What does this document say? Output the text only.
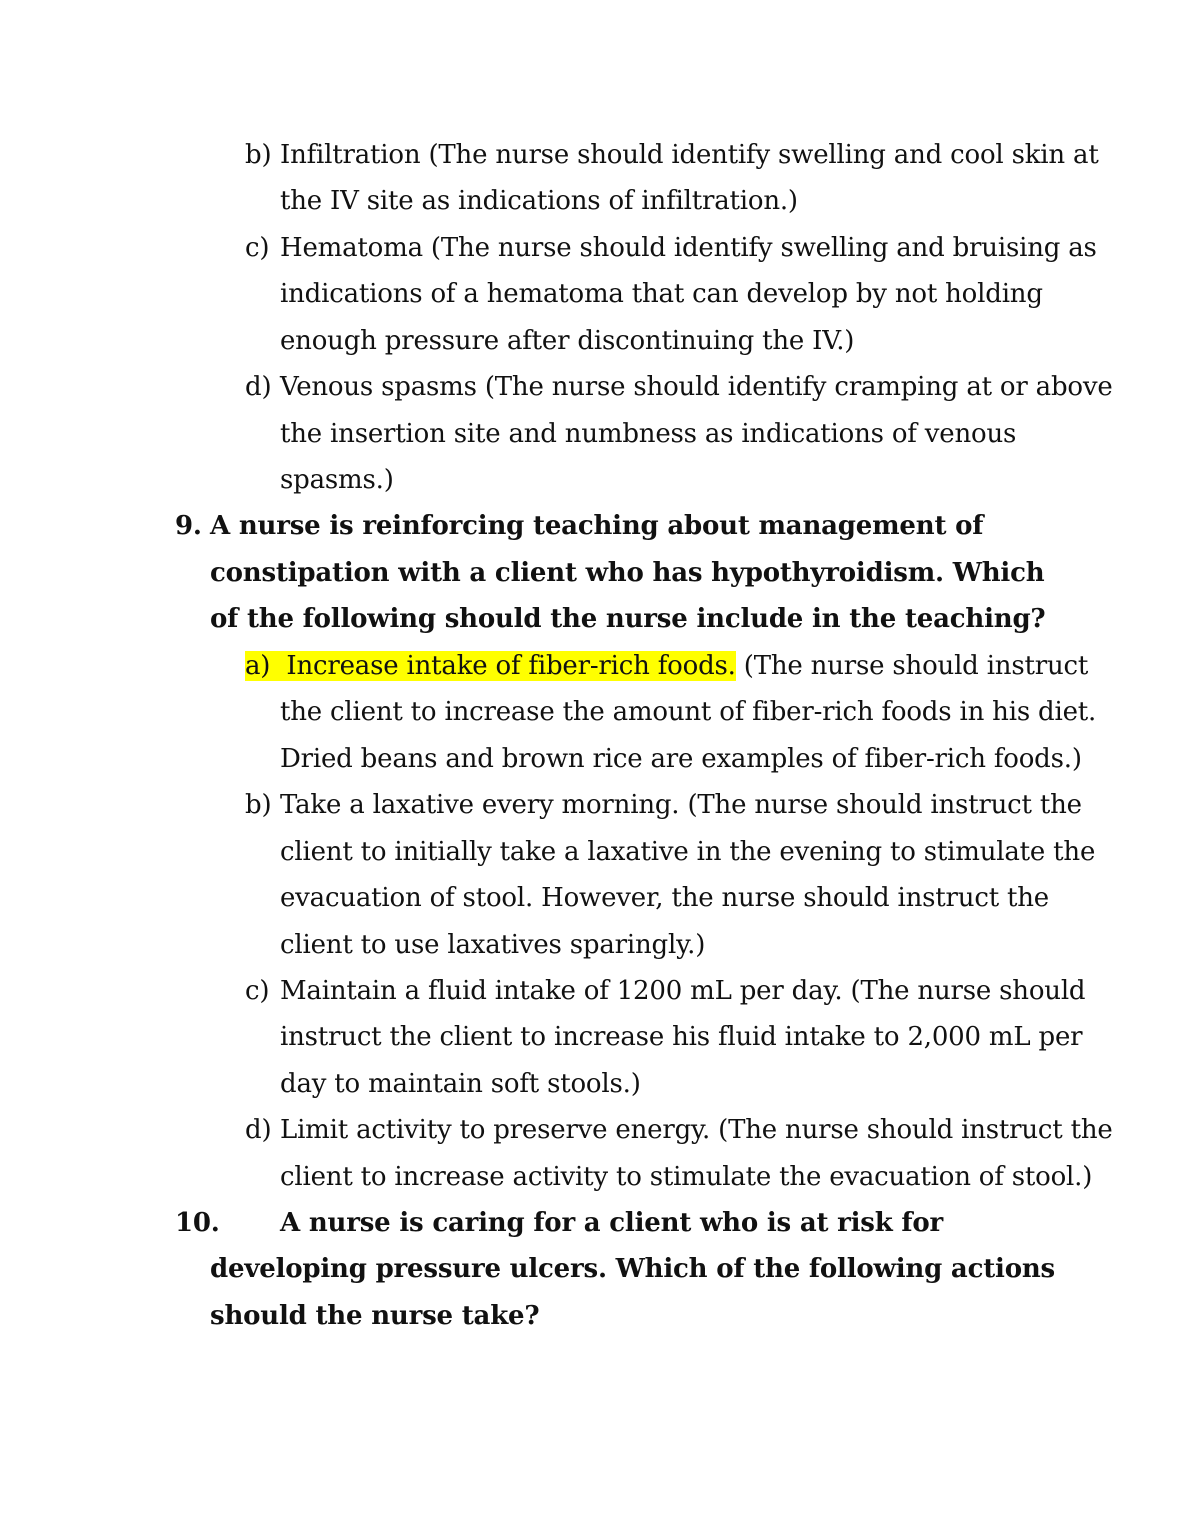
b) Infiltration (The nurse should identify swelling and cool skin at
the IV site as indications of infiltration.)
c) Hematoma (The nurse should identify swelling and bruising as
indications of a hematoma that can develop by not holding
enough pressure after discontinuing the IV.)
d) Venous spasms (The nurse should identify cramping at or above
the insertion site and numbness as indications of venous
spasms.)
9. A nurse is reinforcing teaching about management of
constipation with a client who has hypothyroidism. Which
of the following should the nurse include in the teaching?
a) Increase intake of fiber-rich foods. (The nurse should instruct
the client to increase the amount of fiber-rich foods in his diet.
Dried beans and brown rice are examples of fiber-rich foods.)
b) Take a laxative every morning. (The nurse should instruct the
client to initially take a laxative in the evening to stimulate the
evacuation of stool. However, the nurse should instruct the
client to use laxatives sparingly.)
c) Maintain a fluid intake of 1200 mL per day. (The nurse should
instruct the client to increase his fluid intake to 2,000 mL per
day to maintain soft stools.)
d) Limit activity to preserve energy. (The nurse should instruct the
client to increase activity to stimulate the evacuation of stool.)
10. A nurse is caring for a client who is at risk for
developing pressure ulcers. Which of the following actions
should the nurse take?
